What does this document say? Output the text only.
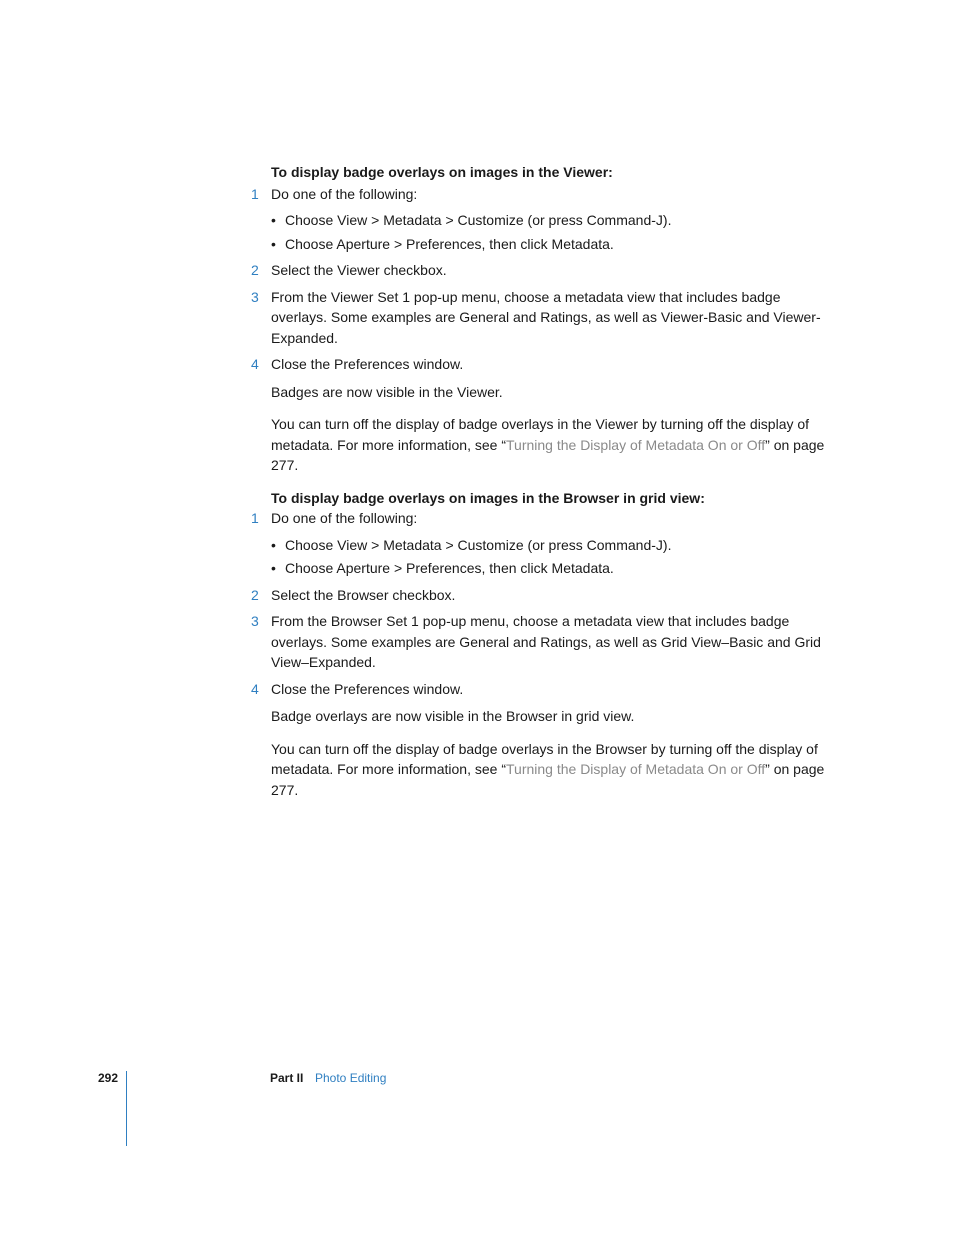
To display badge overlays on images in the Viewer:

1 Do one of the following:

• Choose View > Metadata > Customize (or press Command-J).

• Choose Aperture > Preferences, then click Metadata.

2 Select the Viewer checkbox.

3 From the Viewer Set 1 pop-up menu, choose a metadata view that includes badge overlays. Some examples are General and Ratings, as well as Viewer-Basic and Viewer-Expanded.

4 Close the Preferences window.

Badges are now visible in the Viewer.

You can turn off the display of badge overlays in the Viewer by turning off the display of metadata. For more information, see “Turning the Display of Metadata On or Off” on page 277.

To display badge overlays on images in the Browser in grid view:

1 Do one of the following:

• Choose View > Metadata > Customize (or press Command-J).

• Choose Aperture > Preferences, then click Metadata.

2 Select the Browser checkbox.

3 From the Browser Set 1 pop-up menu, choose a metadata view that includes badge overlays. Some examples are General and Ratings, as well as Grid View–Basic and Grid View–Expanded.

4 Close the Preferences window.

Badge overlays are now visible in the Browser in grid view.

You can turn off the display of badge overlays in the Browser by turning off the display of metadata. For more information, see “Turning the Display of Metadata On or Off” on page 277.

292	Part II Photo Editing
